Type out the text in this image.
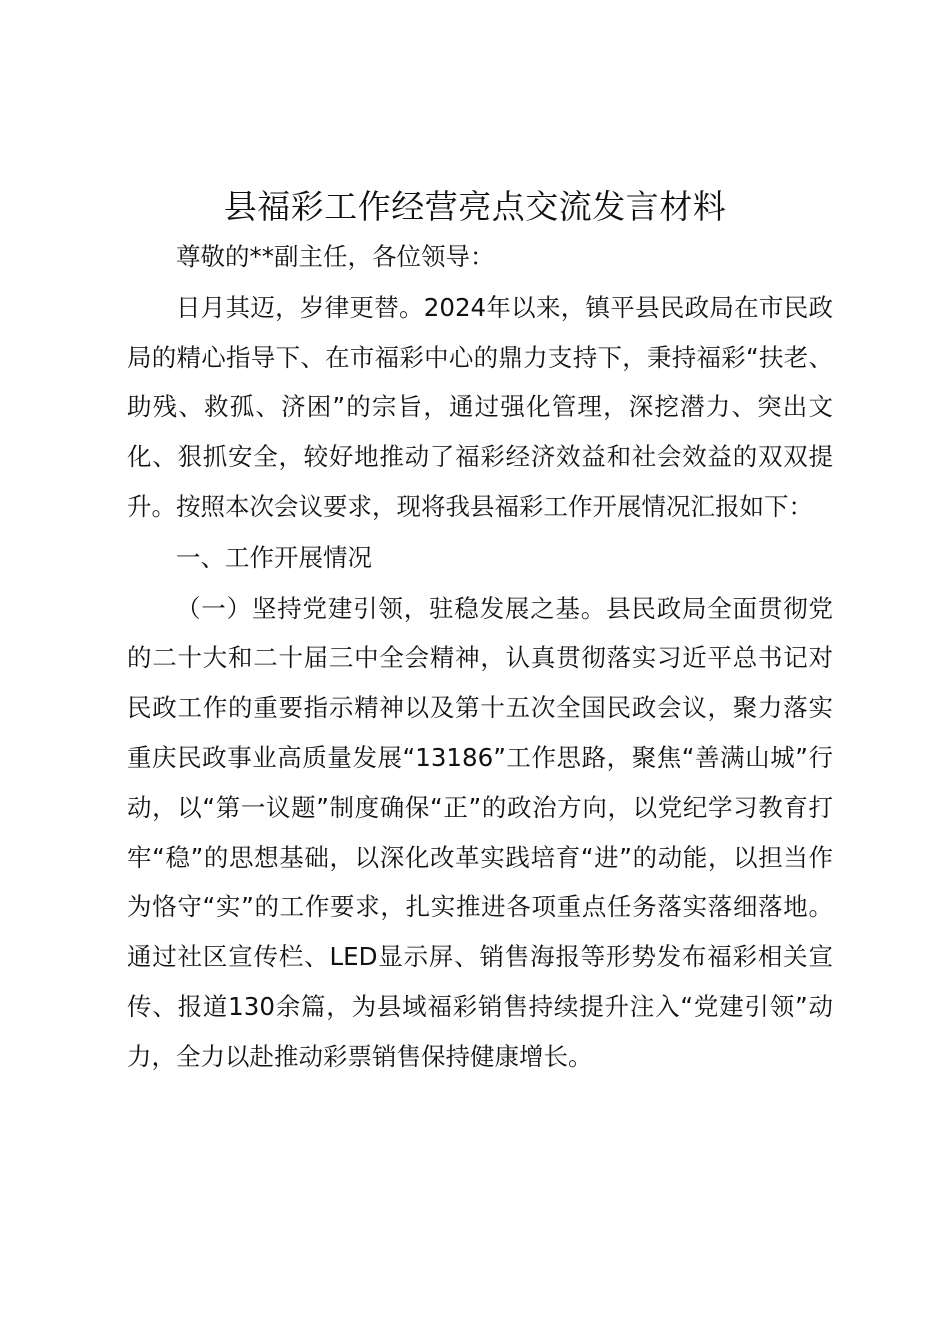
县福彩工作经营亮点交流发言材料

尊敬的**副主任，各位领导：

日月其迈，岁律更替。2024年以来，镇平县民政局在市民政局的精心指导下、在市福彩中心的鼎力支持下，秉持福彩“扶老、助残、救孤、济困”的宗旨，通过强化管理，深挖潜力、突出文化、狠抓安全，较好地推动了福彩经济效益和社会效益的双双提升。按照本次会议要求，现将我县福彩工作开展情况汇报如下：

一、工作开展情况

（一）坚持党建引领，驻稳发展之基。县民政局全面贯彻党的二十大和二十届三中全会精神，认真贯彻落实习近平总书记对民政工作的重要指示精神以及第十五次全国民政会议，聚力落实重庆民政事业高质量发展“13186”工作思路，聚焦“善满山城”行动，以“第一议题”制度确保“正”的政治方向，以党纪学习教育打牢“稳”的思想基础，以深化改革实践培育“进”的动能，以担当作为恪守“实”的工作要求，扎实推进各项重点任务落实落细落地。通过社区宣传栏、LED显示屏、销售海报等形势发布福彩相关宣传、报道130余篇，为县域福彩销售持续提升注入“党建引领”动力，全力以赴推动彩票销售保持健康增长。
